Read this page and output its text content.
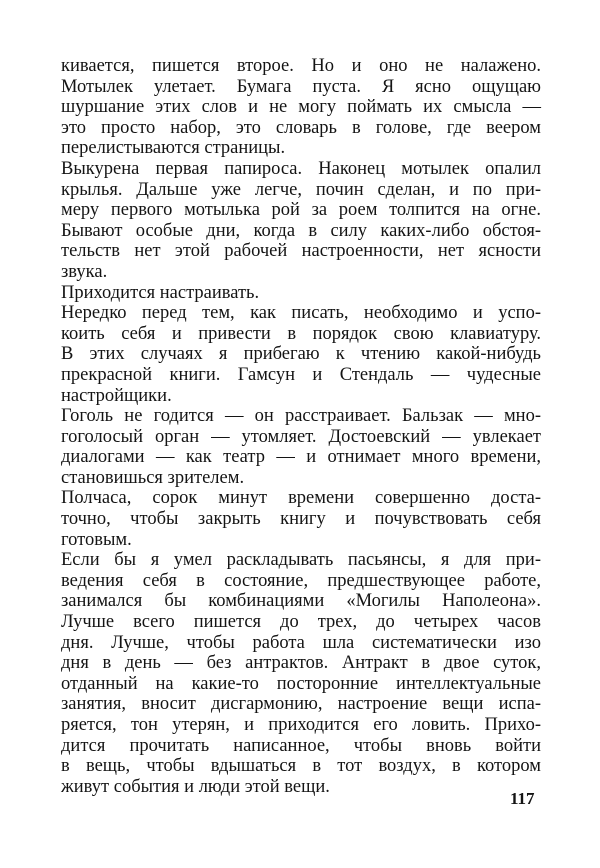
кивается, пишется второе. Но и оно не налажено.
Мотылек улетает. Бумага пуста. Я ясно ощущаю
шуршание этих слов и не могу поймать их смысла —
это просто набор, это словарь в голове, где веером
перелистываются страницы.
Выкурена первая папироса. Наконец мотылек опалил
крылья. Дальше уже легче, почин сделан, и по при-
меру первого мотылька рой за роем толпится на огне.
Бывают особые дни, когда в силу каких-либо обстоя-
тельств нет этой рабочей настроенности, нет ясности
звука.
Приходится настраивать.
Нередко перед тем, как писать, необходимо и успо-
коить себя и привести в порядок свою клавиатуру.
В этих случаях я прибегаю к чтению какой-нибудь
прекрасной книги. Гамсун и Стендаль — чудесные
настройщики.
Гоголь не годится — он расстраивает. Бальзак — мно-
гоголосый орган — утомляет. Достоевский — увлекает
диалогами — как театр — и отнимает много времени,
становишься зрителем.
Полчаса, сорок минут времени совершенно доста-
точно, чтобы закрыть книгу и почувствовать себя
готовым.
Если бы я умел раскладывать пасьянсы, я для при-
ведения себя в состояние, предшествующее работе,
занимался бы комбинациями «Могилы Наполеона».
Лучше всего пишется до трех, до четырех часов
дня. Лучше, чтобы работа шла систематически изо
дня в день — без антрактов. Антракт в двое суток,
отданный на какие-то посторонние интеллектуальные
занятия, вносит дисгармонию, настроение вещи испа-
ряется, тон утерян, и приходится его ловить. Прихо-
дится прочитать написанное, чтобы вновь войти
в вещь, чтобы вдышаться в тот воздух, в котором
живут события и люди этой вещи.
117
